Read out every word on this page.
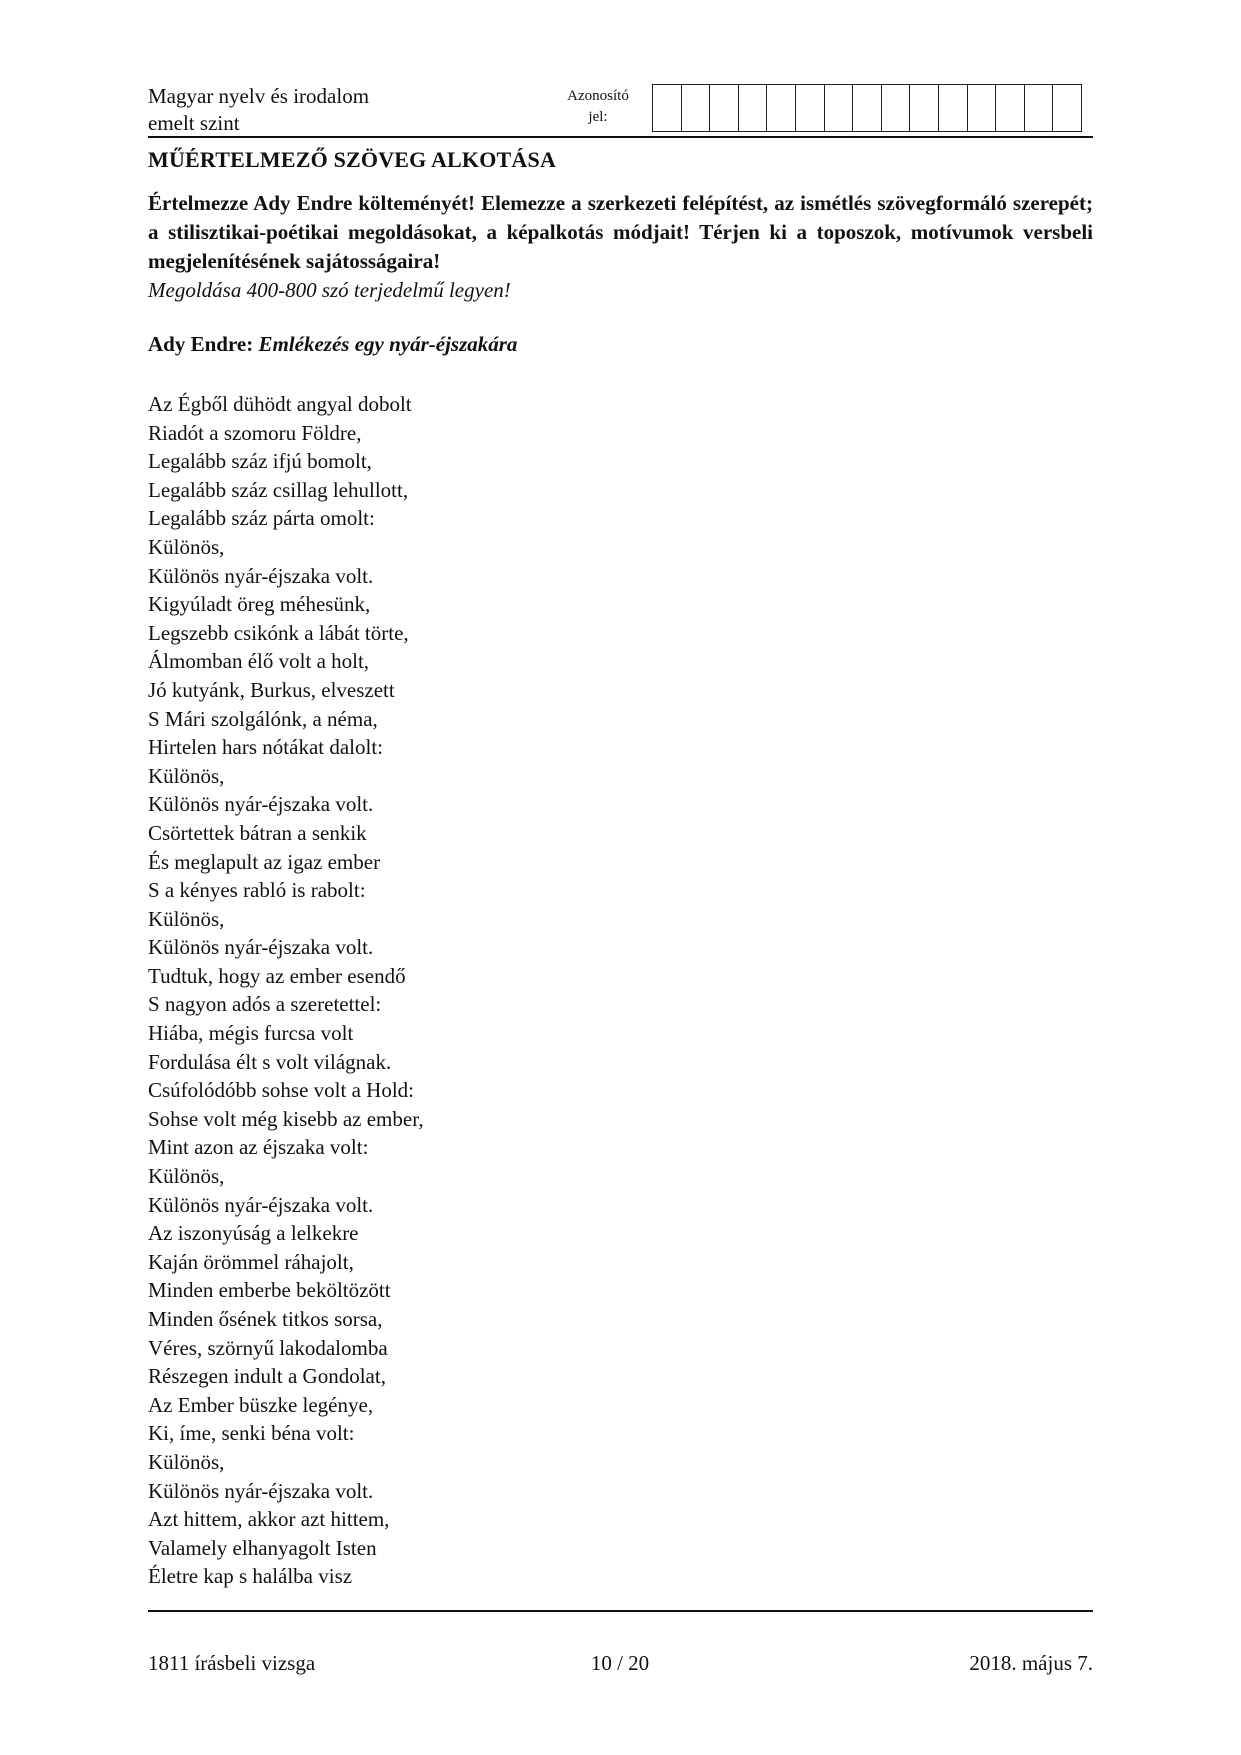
Magyar nyelv és irodalom
emelt szint
Azonosító
jel:
MŰÉRTELMEZŐ SZÖVEG ALKOTÁSA
Értelmezze Ady Endre költeményét! Elemezze a szerkezeti felépítést, az ismétlés szövegformáló szerepét; a stilisztikai-poétikai megoldásokat, a képalkotás módjait! Térjen ki a toposzok, motívumok versbeli megjelenítésének sajátosságaira!
Megoldása 400-800 szó terjedelmű legyen!
Ady Endre: Emlékezés egy nyár-éjszakára
Az Égből dühödt angyal dobolt
Riadót a szomoru Földre,
Legalább száz ifjú bomolt,
Legalább száz csillag lehullott,
Legalább száz párta omolt:
Különös,
Különös nyár-éjszaka volt.
Kigyúladt öreg méhesünk,
Legszebb csikónk a lábát törte,
Álmomban élő volt a holt,
Jó kutyánk, Burkus, elveszett
S Mári szolgálónk, a néma,
Hirtelen hars nótákat dalolt:
Különös,
Különös nyár-éjszaka volt.
Csörtettek bátran a senkik
És meglapult az igaz ember
S a kényes rabló is rabolt:
Különös,
Különös nyár-éjszaka volt.
Tudtuk, hogy az ember esendő
S nagyon adós a szeretettel:
Hiába, mégis furcsa volt
Fordulása élt s volt világnak.
Csúfolódóbb sohse volt a Hold:
Sohse volt még kisebb az ember,
Mint azon az éjszaka volt:
Különös,
Különös nyár-éjszaka volt.
Az iszonyúság a lelkekre
Kaján örömmel ráhajolt,
Minden emberbe beköltözött
Minden ősének titkos sorsa,
Véres, szörnyű lakodalomba
Részegen indult a Gondolat,
Az Ember büszke legénye,
Ki, íme, senki béna volt:
Különös,
Különös nyár-éjszaka volt.
Azt hittem, akkor azt hittem,
Valamely elhanyagolt Isten
Életre kap s halálba visz
1811 írásbeli vizsga	10 / 20	2018. május 7.
